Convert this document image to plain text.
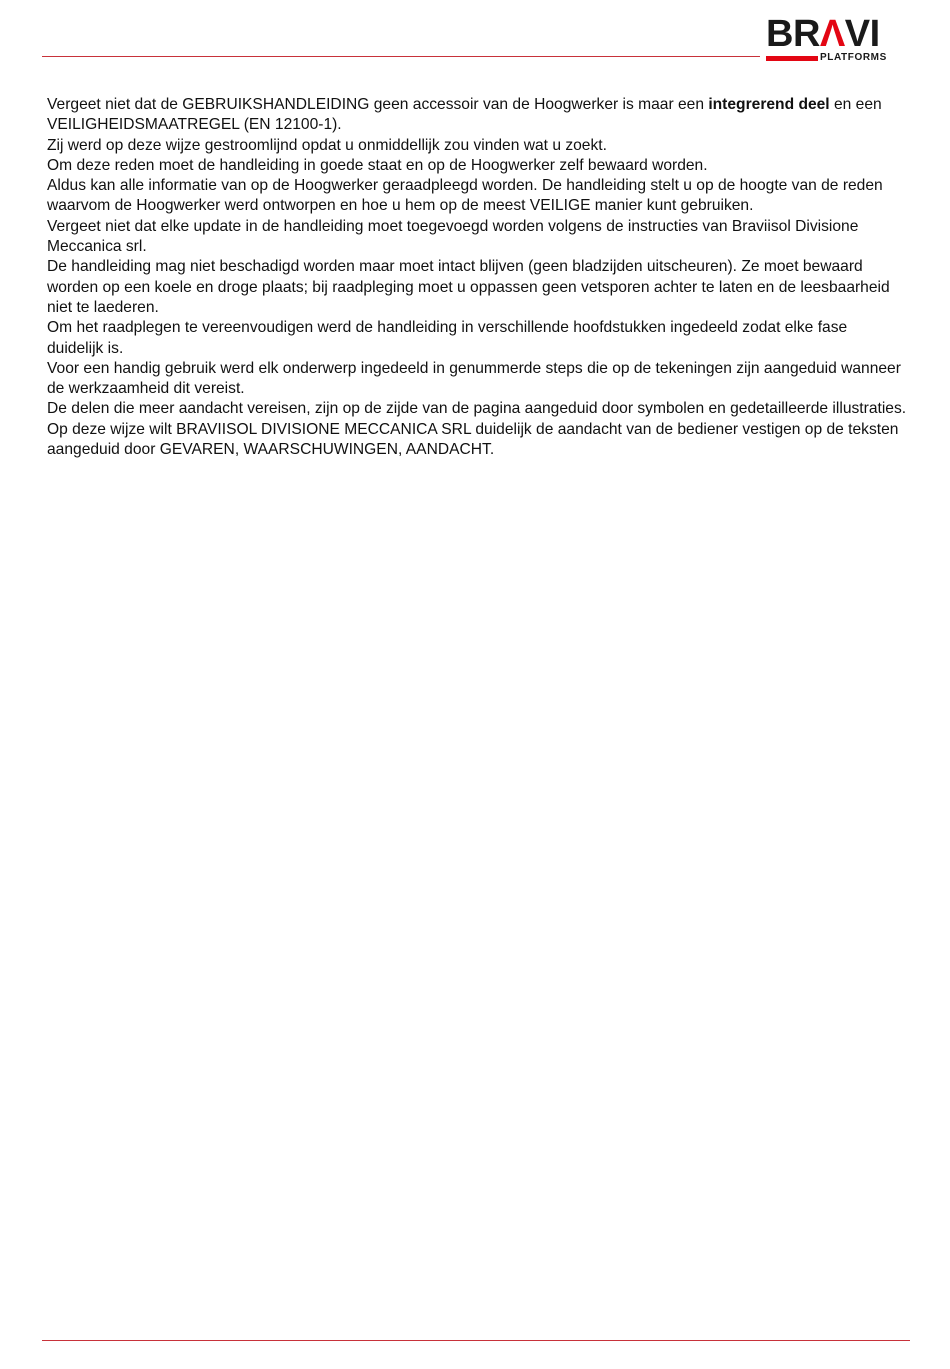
BRΛVI
PLATFORMS

Vergeet niet dat de GEBRUIKSHANDLEIDING geen accessoir van de Hoogwerker is maar een integrerend deel en een VEILIGHEIDSMAATREGEL (EN 12100-1).

Zij werd op deze wijze gestroomlijnd opdat u onmiddellijk zou vinden wat u zoekt.

Om deze reden moet de handleiding in goede staat en op de Hoogwerker zelf bewaard worden.

Aldus kan alle informatie van op de Hoogwerker geraadpleegd worden. De handleiding stelt u op de hoogte van de reden waarvom de Hoogwerker werd ontworpen en hoe u hem op de meest VEILIGE manier kunt gebruiken.

Vergeet niet dat elke update in de handleiding moet toegevoegd worden volgens de instructies van Braviisol Divisione Meccanica srl.

De handleiding mag niet beschadigd worden maar moet intact blijven (geen bladzijden uitscheuren). Ze moet bewaard worden op een koele en droge plaats; bij raadpleging moet u oppassen geen vetsporen achter te laten en de leesbaarheid niet te laederen.

Om het raadplegen te vereenvoudigen werd de handleiding in verschillende hoofdstukken ingedeeld zodat elke fase duidelijk is.

Voor een handig gebruik werd elk onderwerp ingedeeld in genummerde steps die op de tekeningen zijn aangeduid wanneer de werkzaamheid dit vereist.

De delen die meer aandacht vereisen, zijn op de zijde van de pagina aangeduid door symbolen en gedetailleerde illustraties.

Op deze wijze wilt BRAVIISOL DIVISIONE MECCANICA SRL duidelijk de aandacht van de bediener vestigen op de teksten aangeduid door GEVAREN, WAARSCHUWINGEN, AANDACHT.
